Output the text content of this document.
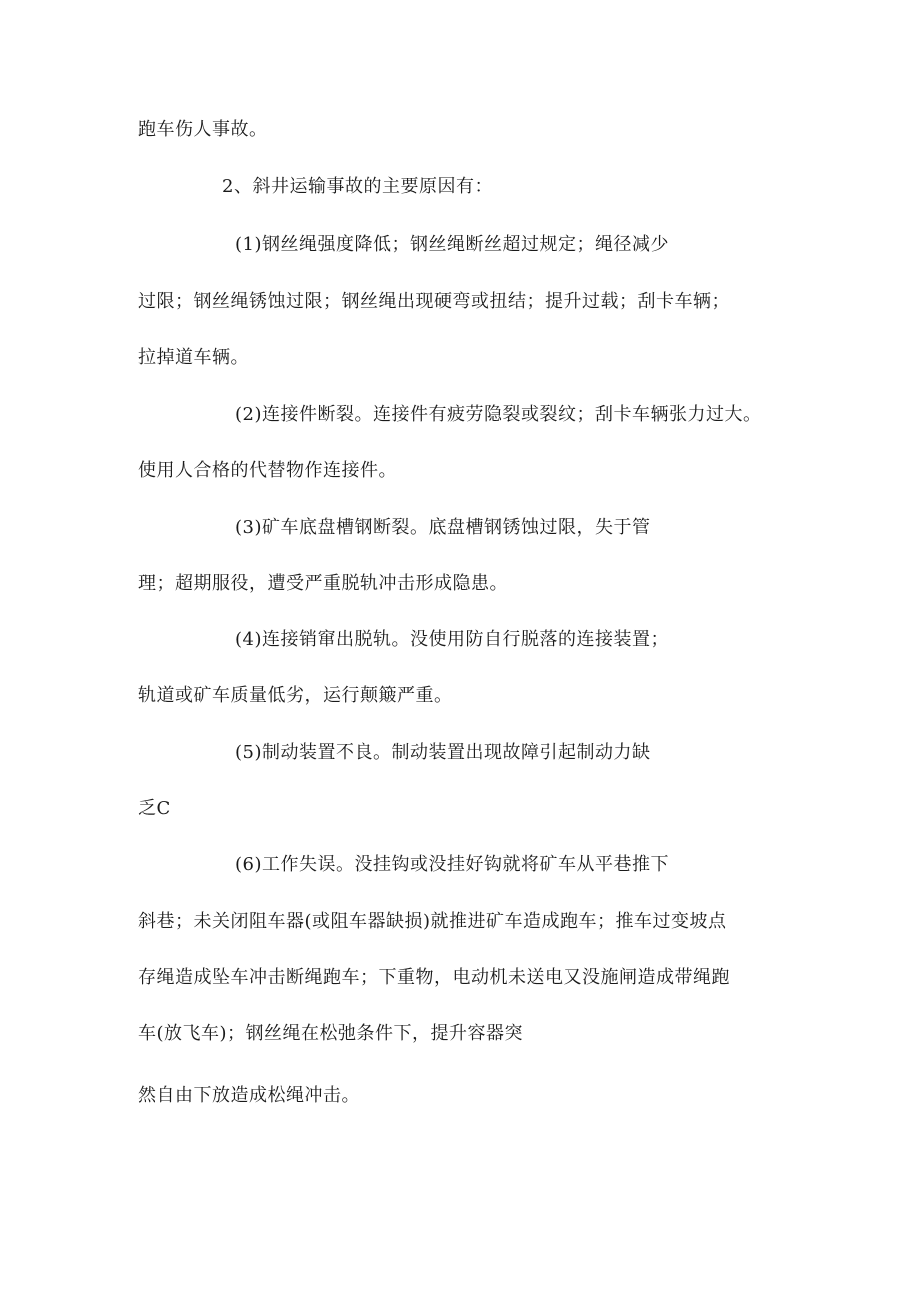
跑车伤人事故。
2、斜井运输事故的主要原因有：
(1)钢丝绳强度降低；钢丝绳断丝超过规定；绳径减少
过限；钢丝绳锈蚀过限；钢丝绳出现硬弯或扭结；提升过载；刮卡车辆；
拉掉道车辆。
(2)连接件断裂。连接件有疲劳隐裂或裂纹；刮卡车辆张力过大。
使用人合格的代替物作连接件。
(3)矿车底盘槽钢断裂。底盘槽钢锈蚀过限，失于管
理；超期服役，遭受严重脱轨冲击形成隐患。
(4)连接销窜出脱轨。没使用防自行脱落的连接装置；
轨道或矿车质量低劣，运行颠簸严重。
(5)制动装置不良。制动装置出现故障引起制动力缺
乏C
(6)工作失误。没挂钩或没挂好钩就将矿车从平巷推下
斜巷；未关闭阻车器(或阻车器缺损)就推进矿车造成跑车；推车过变坡点
存绳造成坠车冲击断绳跑车；下重物，电动机未送电又没施闸造成带绳跑
车(放飞车)；钢丝绳在松弛条件下，提升容器突
然自由下放造成松绳冲击。
